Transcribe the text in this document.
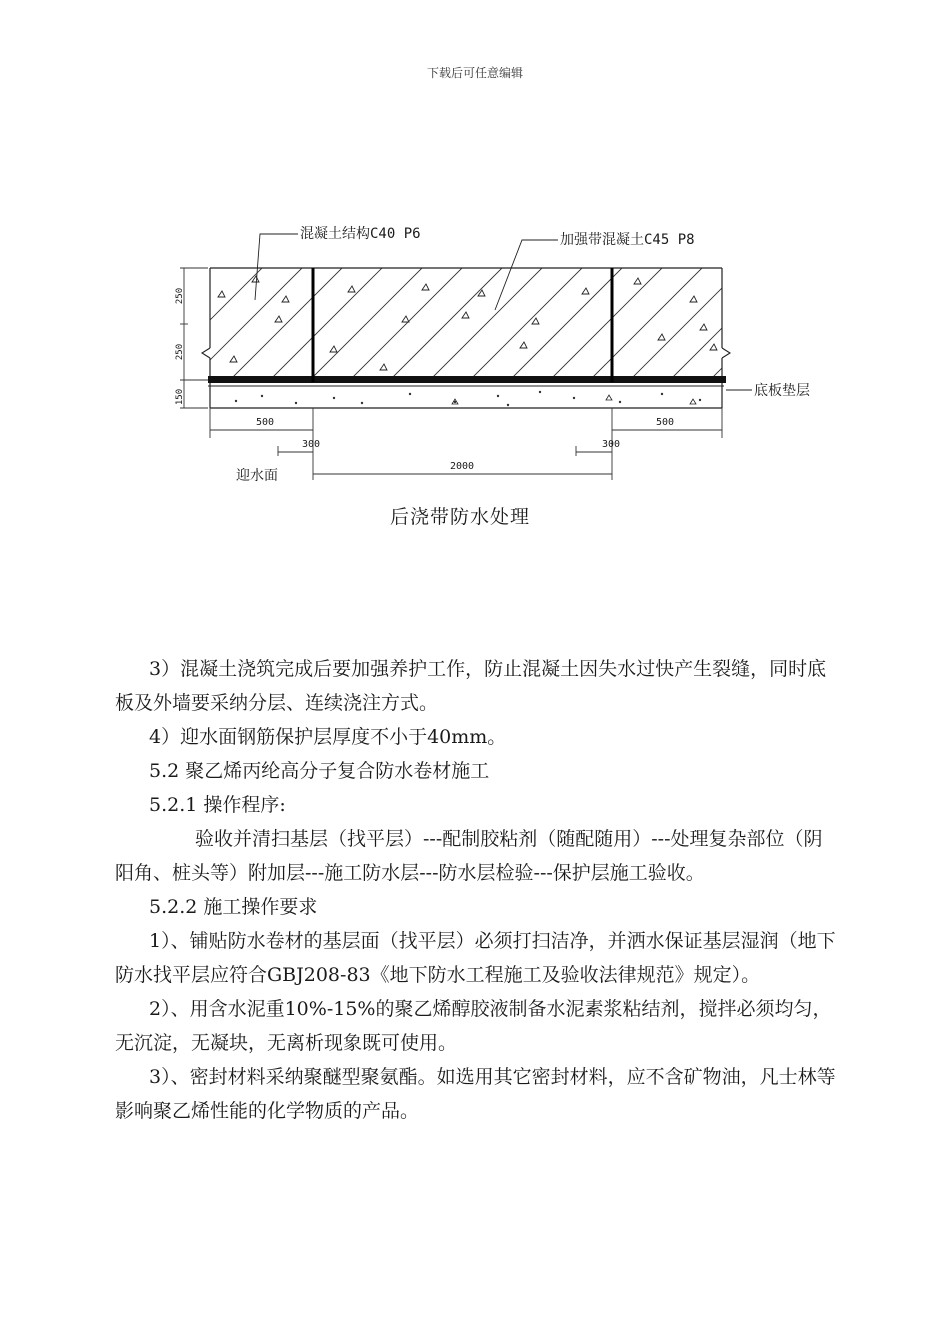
下载后可任意编辑
250
250
150
500	500
300	300
2000
混凝土结构C40 P6	加强带混凝土C45 P8
底板垫层
迎水面
后浇带防水处理

3）混凝土浇筑完成后要加强养护工作，防止混凝土因失水过快产生裂缝，同时底板及外墙要采纳分层、连续浇注方式。

4）迎水面钢筋保护层厚度不小于40mm。

5.2 聚乙烯丙纶高分子复合防水卷材施工

5.2.1 操作程序:

验收并清扫基层（找平层）---配制胶粘剂（随配随用）---处理复杂部位（阴阳角、桩头等）附加层---施工防水层---防水层检验---保护层施工验收。

5.2.2 施工操作要求

1）、铺贴防水卷材的基层面（找平层）必须打扫洁净，并洒水保证基层湿润（地下防水找平层应符合GBJ208-83《地下防水工程施工及验收法律规范》规定）。

2）、用含水泥重10%-15%的聚乙烯醇胶液制备水泥素浆粘结剂，搅拌必须均匀，无沉淀，无凝块，无离析现象既可使用。

3）、密封材料采纳聚醚型聚氨酯。如选用其它密封材料，应不含矿物油，凡士林等影响聚乙烯性能的化学物质的产品。
